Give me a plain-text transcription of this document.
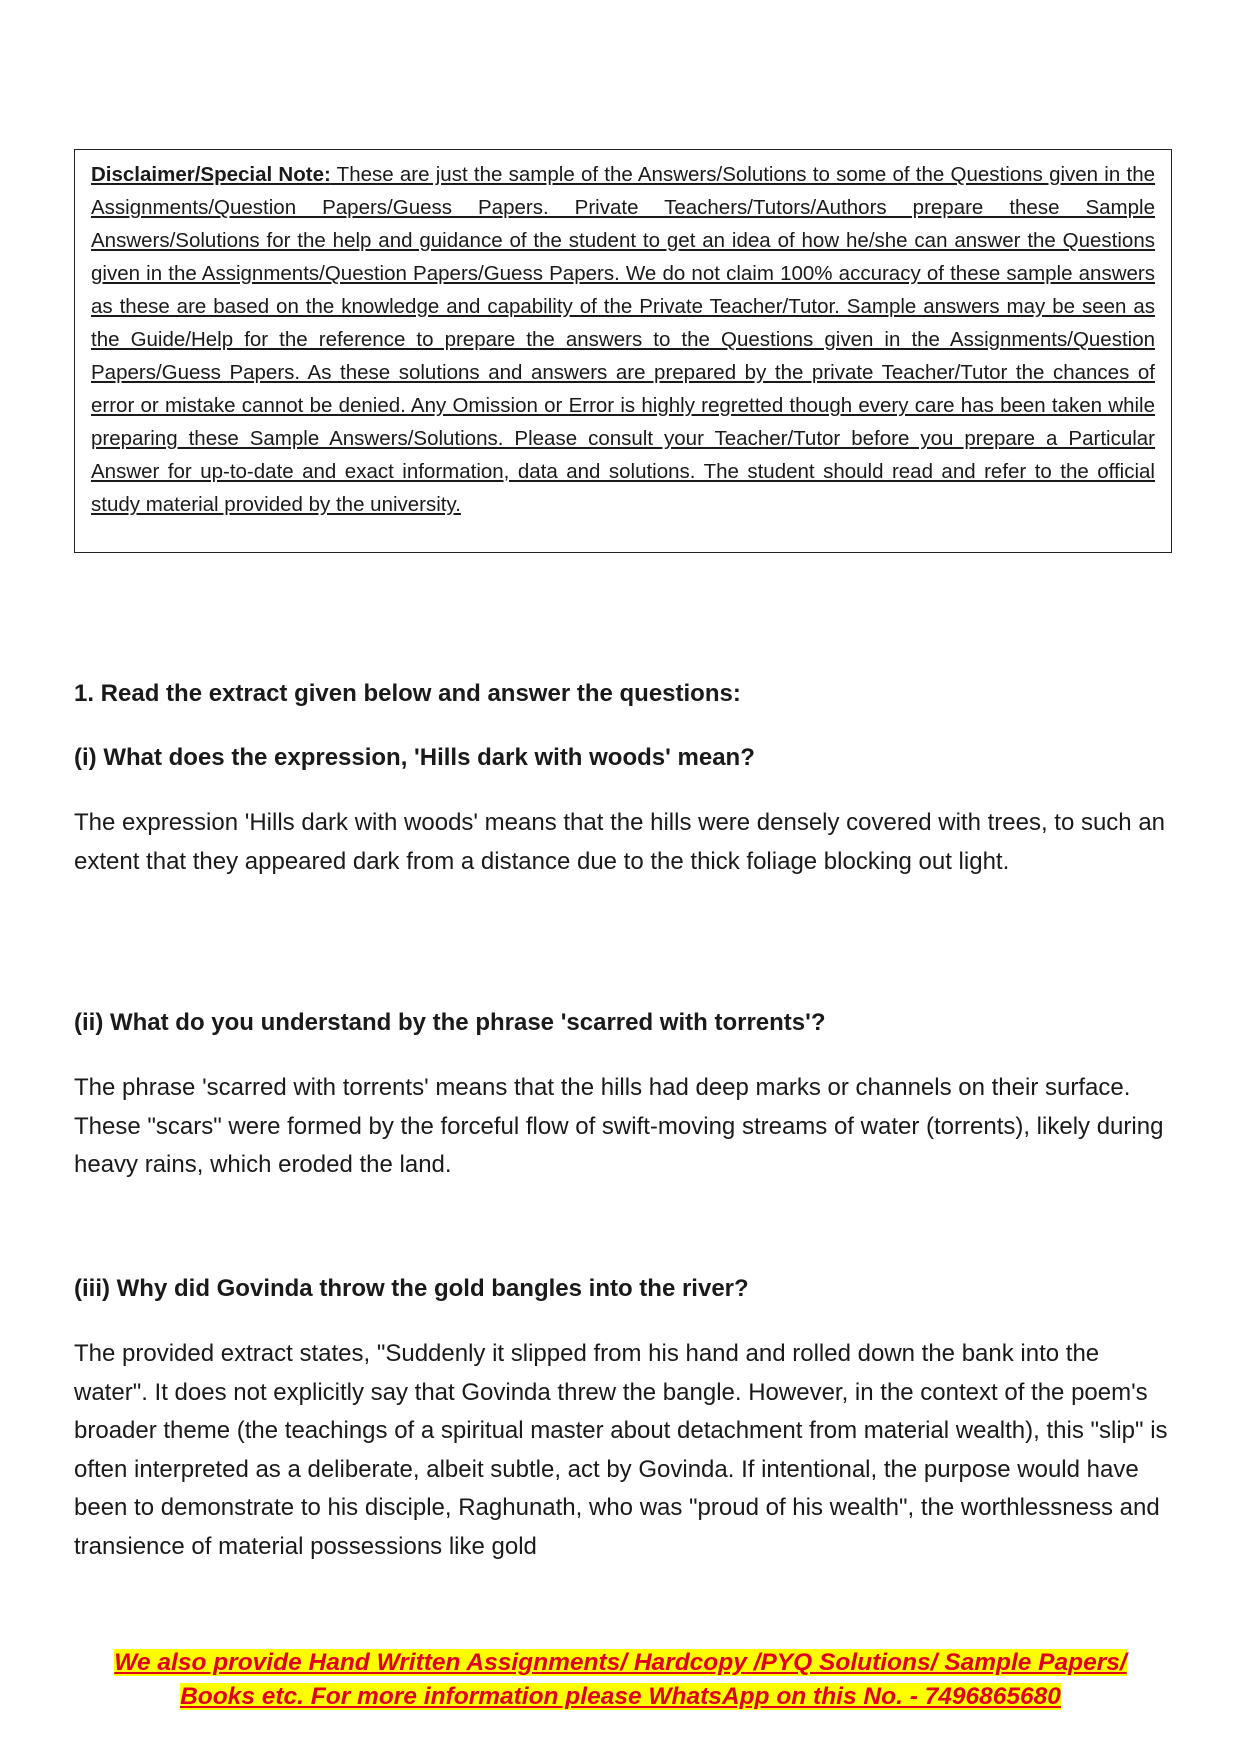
Disclaimer/Special Note: These are just the sample of the Answers/Solutions to some of the Questions given in the Assignments/Question Papers/Guess Papers. Private Teachers/Tutors/Authors prepare these Sample Answers/Solutions for the help and guidance of the student to get an idea of how he/she can answer the Questions given in the Assignments/Question Papers/Guess Papers. We do not claim 100% accuracy of these sample answers as these are based on the knowledge and capability of the Private Teacher/Tutor. Sample answers may be seen as the Guide/Help for the reference to prepare the answers to the Questions given in the Assignments/Question Papers/Guess Papers. As these solutions and answers are prepared by the private Teacher/Tutor the chances of error or mistake cannot be denied. Any Omission or Error is highly regretted though every care has been taken while preparing these Sample Answers/Solutions. Please consult your Teacher/Tutor before you prepare a Particular Answer for up-to-date and exact information, data and solutions. The student should read and refer to the official study material provided by the university.

1. Read the extract given below and answer the questions:
(i) What does the expression, 'Hills dark with woods' mean?

The expression 'Hills dark with woods' means that the hills were densely covered with trees, to such an extent that they appeared dark from a distance due to the thick foliage blocking out light.

(ii) What do you understand by the phrase 'scarred with torrents'?

The phrase 'scarred with torrents' means that the hills had deep marks or channels on their surface. These "scars" were formed by the forceful flow of swift-moving streams of water (torrents), likely during heavy rains, which eroded the land.

(iii) Why did Govinda throw the gold bangles into the river?

The provided extract states, "Suddenly it slipped from his hand and rolled down the bank into the water". It does not explicitly say that Govinda threw the bangle. However, in the context of the poem's broader theme (the teachings of a spiritual master about detachment from material wealth), this "slip" is often interpreted as a deliberate, albeit subtle, act by Govinda. If intentional, the purpose would have been to demonstrate to his disciple, Raghunath, who was "proud of his wealth", the worthlessness and transience of material possessions like gold

We also provide Hand Written Assignments/ Hardcopy /PYQ Solutions/ Sample Papers/
Books etc. For more information please WhatsApp on this No. - 7496865680
